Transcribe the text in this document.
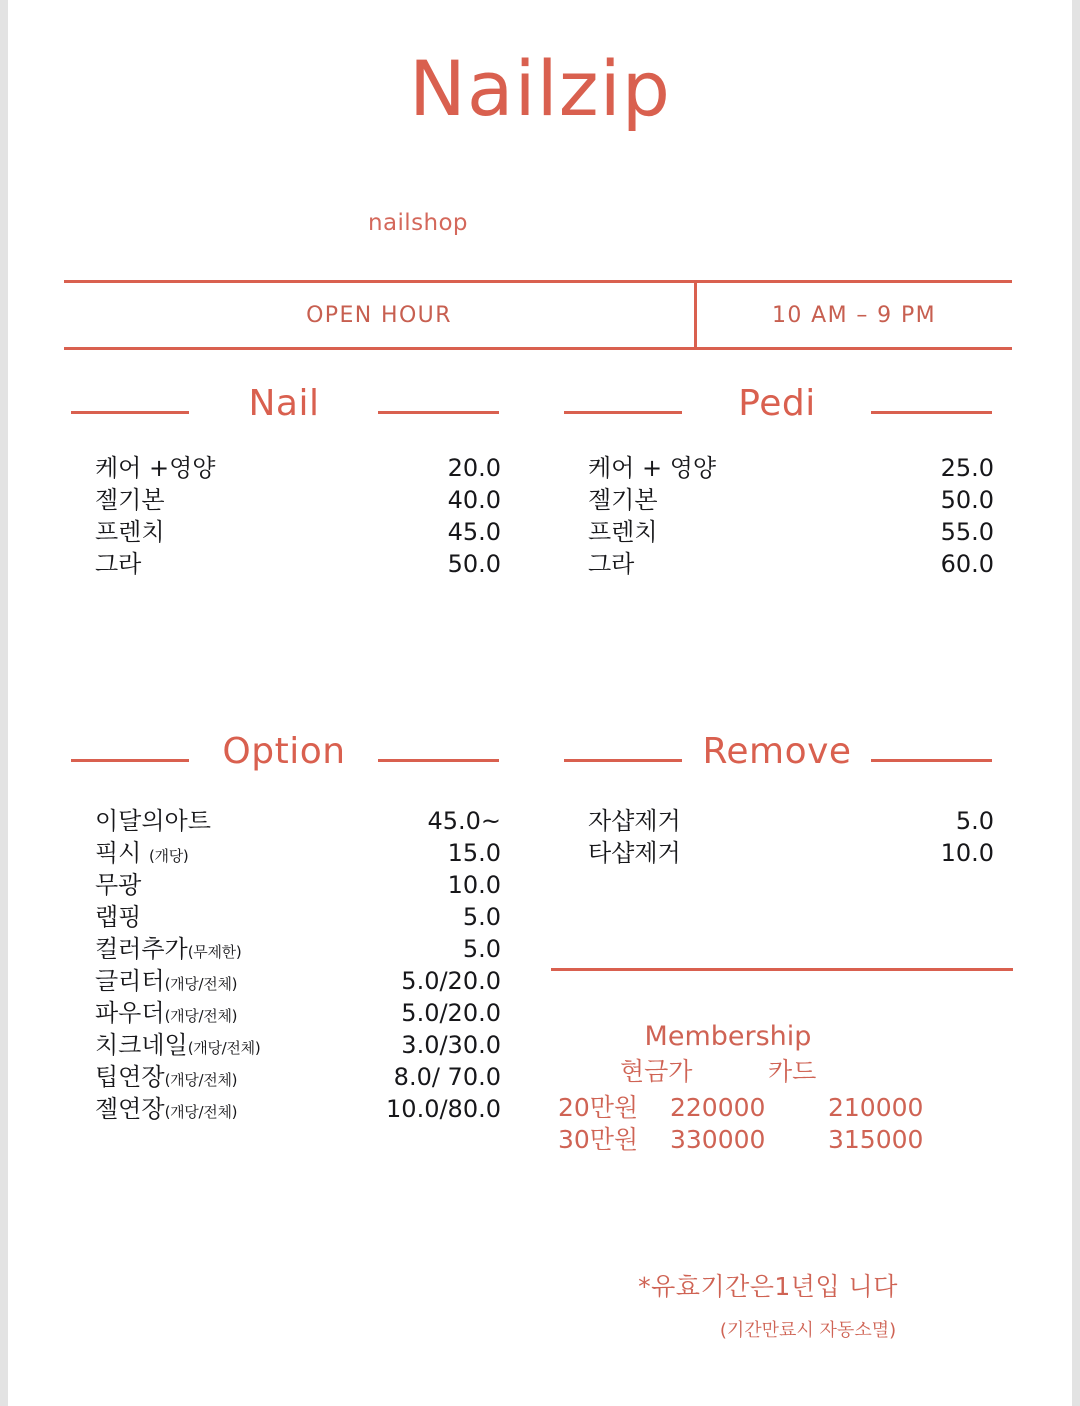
Nailzip
nailshop
OPEN HOUR	10 AM – 9 PM
Nail
케어 +영양	20.0
젤기본	40.0
프렌치	45.0
그라	50.0
Pedi
케어 + 영양	25.0
젤기본	50.0
프렌치	55.0
그라	60.0
Option
이달의아트	45.0~
픽시 (개당)	15.0
무광	10.0
랩핑	5.0
컬러추가(무제한)	5.0
글리터(개당/전체)	5.0/20.0
파우더(개당/전체)	5.0/20.0
치크네일(개당/전체)	3.0/30.0
팁연장(개당/전체)	8.0/ 70.0
젤연장(개당/전체)	10.0/80.0
Remove
자샵제거	5.0
타샵제거	10.0
Membership
현금가	카드
20만원 220000	210000
30만원 330000	315000
*유효기간은1년입 니다
(기간만료시 자동소멸)
